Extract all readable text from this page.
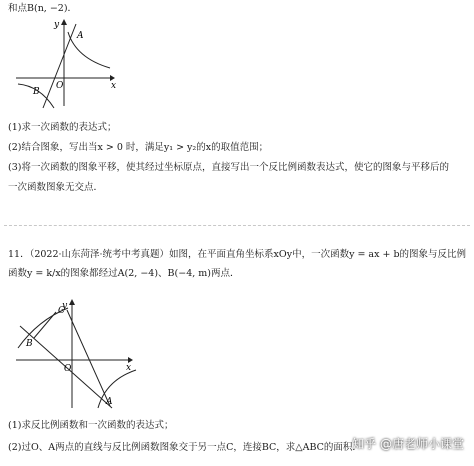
和点B(n, −2)．
y
x
O
A
B
(1)求一次函数的表达式；
(2)结合图象，写出当x > 0 时，满足y₁ > y₂的x的取值范围；
(3)将一次函数的图象平移，使其经过坐标原点，直接写出一个反比例函数表达式，使它的图象与平移后的
一次函数图象无交点．
11．（2022·山东菏泽·统考中考真题）如图，在平面直角坐标系xOy中，一次函数y = ax + b的图象与反比例
函数y = k/x的图象都经过A(2, −4)、B(−4, m)两点．
y
x
O
C
B
A
(1)求反比例函数和一次函数的表达式；
(2)过O、A两点的直线与反比例函数图象交于另一点C，连接BC，求△ABC的面积．
知乎 @唐老师小课堂
